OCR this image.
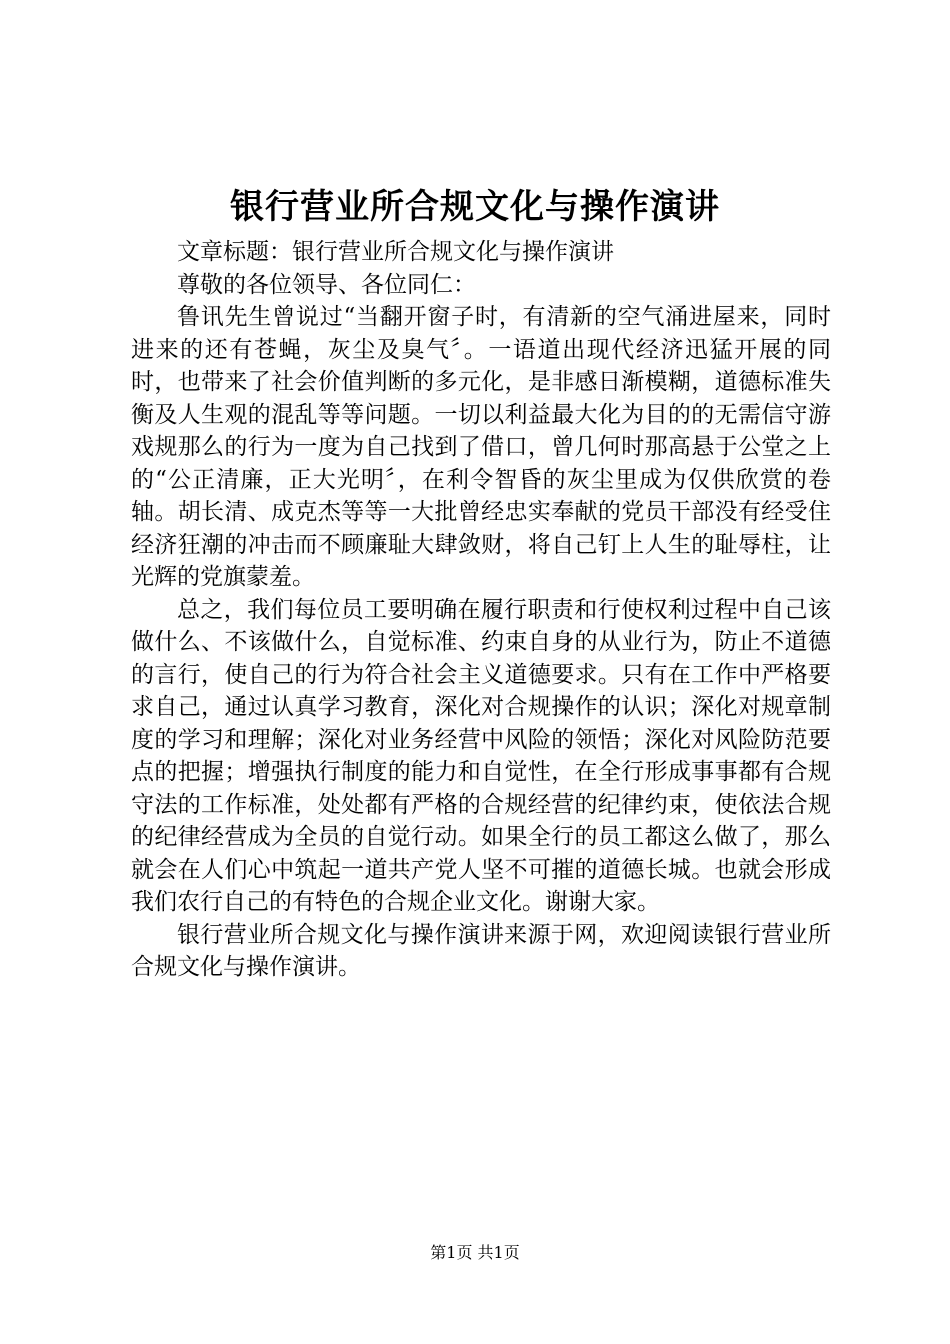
银行营业所合规文化与操作演讲

文章标题：银行营业所合规文化与操作演讲

尊敬的各位领导、各位同仁：

鲁讯先生曾说过“当翻开窗子时，有清新的空气涌进屋来，同时进来的还有苍蝇，灰尘及臭气〞。一语道出现代经济迅猛开展的同时，也带来了社会价值判断的多元化，是非感日渐模糊，道德标准失衡及人生观的混乱等等问题。一切以利益最大化为目的的无需信守游戏规那么的行为一度为自己找到了借口，曾几何时那高悬于公堂之上的“公正清廉，正大光明〞，在利令智昏的灰尘里成为仅供欣赏的卷轴。胡长清、成克杰等等一大批曾经忠实奉献的党员干部没有经受住经济狂潮的冲击而不顾廉耻大肆敛财，将自己钉上人生的耻辱柱，让光辉的党旗蒙羞。

总之，我们每位员工要明确在履行职责和行使权利过程中自己该做什么、不该做什么，自觉标准、约束自身的从业行为，防止不道德的言行，使自己的行为符合社会主义道德要求。只有在工作中严格要求自己，通过认真学习教育，深化对合规操作的认识；深化对规章制度的学习和理解；深化对业务经营中风险的领悟；深化对风险防范要点的把握；增强执行制度的能力和自觉性，在全行形成事事都有合规守法的工作标准，处处都有严格的合规经营的纪律约束，使依法合规的纪律经营成为全员的自觉行动。如果全行的员工都这么做了，那么就会在人们心中筑起一道共产党人坚不可摧的道德长城。也就会形成我们农行自己的有特色的合规企业文化。谢谢大家。

银行营业所合规文化与操作演讲来源于网，欢迎阅读银行营业所合规文化与操作演讲。

第1页 共1页
